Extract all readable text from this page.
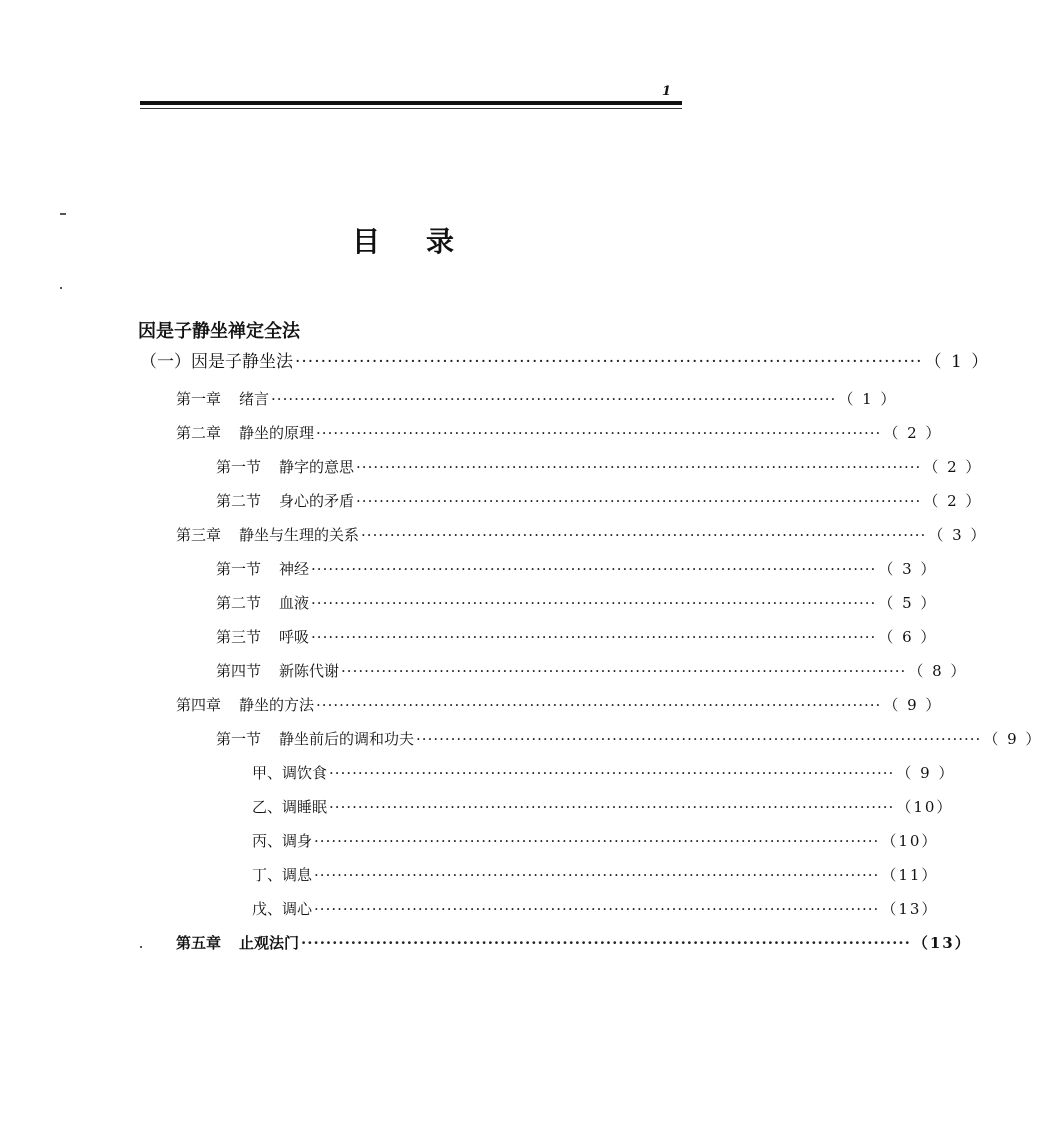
1
目录
因是子静坐禅定全法
（一）因是子静坐法 ·································································································· （ 1 ）
第一章 绪言 ·································································································· （ 1 ）
第二章 静坐的原理 ·································································································· （ 2 ）
第一节 静字的意思 ·································································································· （ 2 ）
第二节 身心的矛盾 ·································································································· （ 2 ）
第三章 静坐与生理的关系 ·································································································· （ 3 ）
第一节 神经 ·································································································· （ 3 ）
第二节 血液 ·································································································· （ 5 ）
第三节 呼吸 ·································································································· （ 6 ）
第四节 新陈代谢 ·································································································· （ 8 ）
第四章 静坐的方法 ·································································································· （ 9 ）
第一节 静坐前后的调和功夫 ·································································································· （ 9 ）
甲、调饮食 ·································································································· （ 9 ）
乙、调睡眠 ·································································································· （10）
丙、调身 ·································································································· （10）
丁、调息 ·································································································· （11）
戊、调心 ·································································································· （13）
第五章 止观法门 ·································································································· （13）
